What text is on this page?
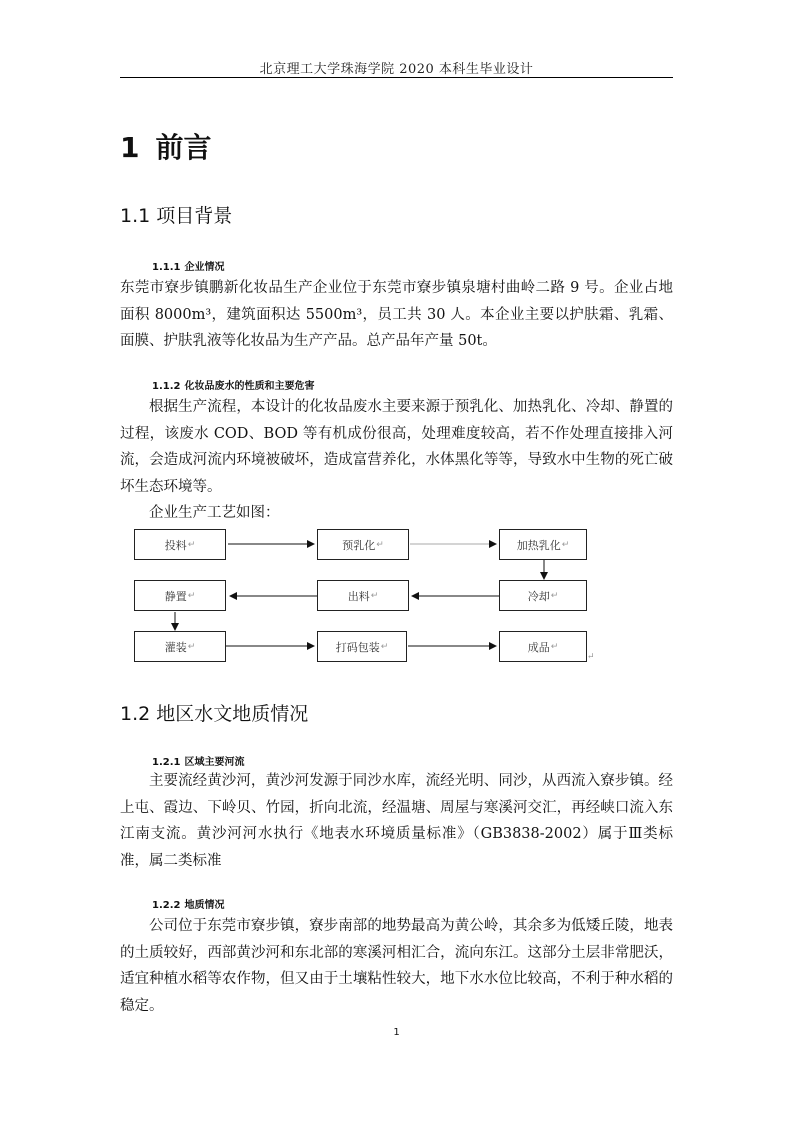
北京理工大学珠海学院 2020 本科生毕业设计
1 前言
1.1 项目背景
1.1.1 企业情况
东莞市寮步镇鹏新化妆品生产企业位于东莞市寮步镇泉塘村曲岭二路 9 号。企业占地面积 8000m³，建筑面积达 5500m³，员工共 30 人。本企业主要以护肤霜、乳霜、面膜、护肤乳液等化妆品为生产产品。总产品年产量 50t。
1.1.2 化妆品废水的性质和主要危害
根据生产流程，本设计的化妆品废水主要来源于预乳化、加热乳化、冷却、静置的过程，该废水 COD、BOD 等有机成份很高，处理难度较高，若不作处理直接排入河流，会造成河流内环境被破坏，造成富营养化，水体黑化等等，导致水中生物的死亡破坏生态环境等。
企业生产工艺如图：
投料 ↵	预乳化 ↵	加热乳化 ↵
冷却 ↵
出料 ↵
静置 ↵
灌装 ↵	打码包装 ↵	成品 ↵
↵
1.2 地区水文地质情况
1.2.1 区域主要河流
主要流经黄沙河，黄沙河发源于同沙水库，流经光明、同沙，从西流入寮步镇。经上屯、霞边、下岭贝、竹园，折向北流，经温塘、周屋与寒溪河交汇，再经峡口流入东江南支流。黄沙河河水执行《地表水环境质量标准》（GB3838-2002）属于Ⅲ类标准，属二类标准
1.2.2 地质情况
公司位于东莞市寮步镇，寮步南部的地势最高为黄公岭，其余多为低矮丘陵，地表的土质较好，西部黄沙河和东北部的寒溪河相汇合，流向东江。这部分土层非常肥沃，适宜种植水稻等农作物，但又由于土壤粘性较大，地下水水位比较高，不利于种水稻的稳定。
1
